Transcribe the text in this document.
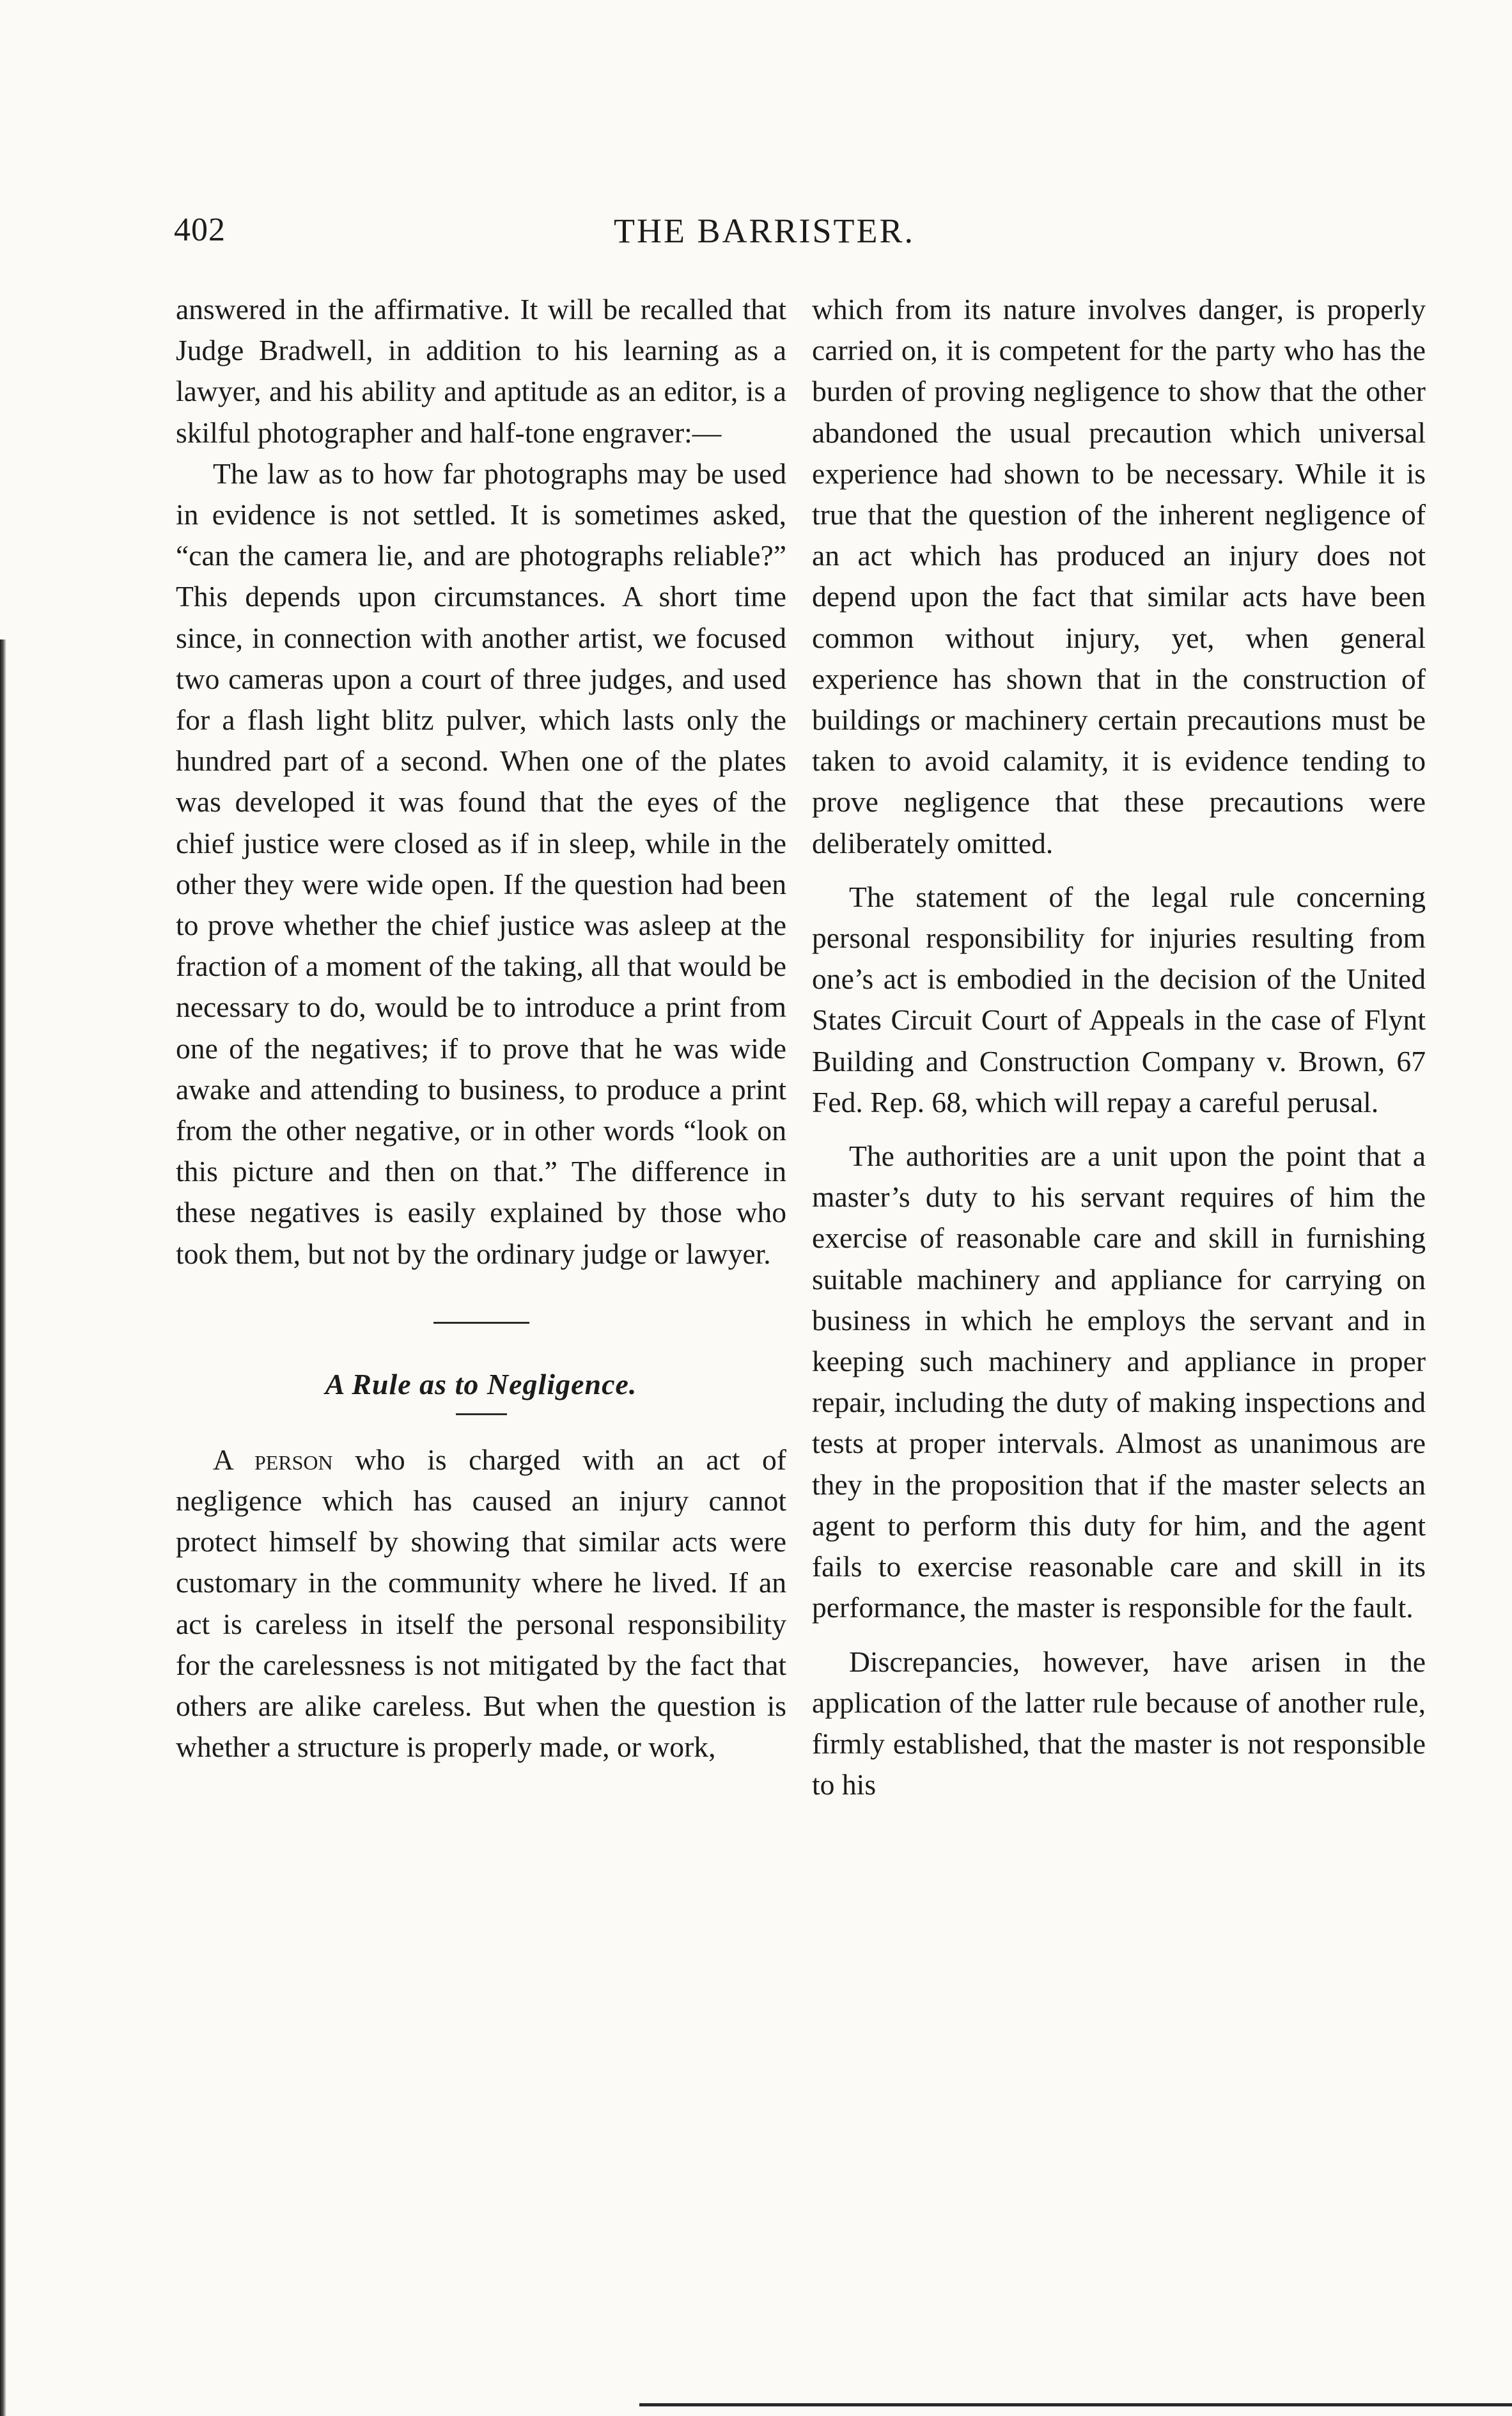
402	THE BARRISTER.

answered in the affirmative. It will be recalled that Judge Bradwell, in addition to his learning as a lawyer, and his ability and aptitude as an editor, is a skilful photographer and half-tone engraver:—

The law as to how far photographs may be used in evidence is not settled. It is sometimes asked, “can the camera lie, and are photographs reliable?” This depends upon circumstances. A short time since, in connection with another artist, we focused two cameras upon a court of three judges, and used for a flash light blitz pulver, which lasts only the hundred part of a second. When one of the plates was developed it was found that the eyes of the chief justice were closed as if in sleep, while in the other they were wide open. If the question had been to prove whether the chief justice was asleep at the fraction of a moment of the taking, all that would be necessary to do, would be to introduce a print from one of the negatives; if to prove that he was wide awake and attending to business, to produce a print from the other negative, or in other words “look on this picture and then on that.” The difference in these negatives is easily explained by those who took them, but not by the ordinary judge or lawyer.

A Rule as to Negligence.

A person who is charged with an act of negligence which has caused an injury cannot protect himself by showing that similar acts were customary in the community where he lived. If an act is careless in itself the personal responsibility for the carelessness is not mitigated by the fact that others are alike careless. But when the question is whether a structure is properly made, or work,

which from its nature involves danger, is properly carried on, it is competent for the party who has the burden of proving negligence to show that the other abandoned the usual precaution which universal experience had shown to be necessary. While it is true that the question of the inherent negligence of an act which has produced an injury does not depend upon the fact that similar acts have been common without injury, yet, when general experience has shown that in the construction of buildings or machinery certain precautions must be taken to avoid calamity, it is evidence tending to prove negligence that these precautions were deliberately omitted.

The statement of the legal rule concerning personal responsibility for injuries resulting from one’s act is embodied in the decision of the United States Circuit Court of Appeals in the case of Flynt Building and Construction Company v. Brown, 67 Fed. Rep. 68, which will repay a careful perusal.

The authorities are a unit upon the point that a master’s duty to his servant requires of him the exercise of reasonable care and skill in furnishing suitable machinery and appliance for carrying on business in which he employs the servant and in keeping such machinery and appliance in proper repair, including the duty of making inspections and tests at proper intervals. Almost as unanimous are they in the proposition that if the master selects an agent to perform this duty for him, and the agent fails to exercise reasonable care and skill in its performance, the master is responsible for the fault.

Discrepancies, however, have arisen in the application of the latter rule because of another rule, firmly established, that the master is not responsible to his
